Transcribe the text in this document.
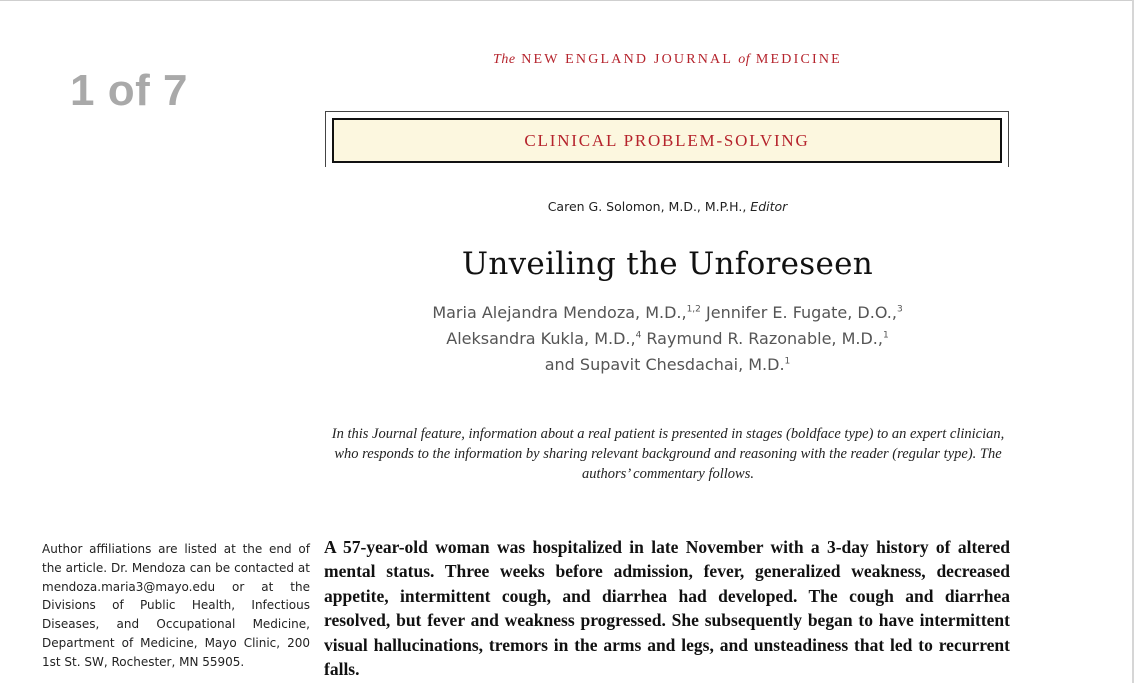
1 of 7
The NEW ENGLAND JOURNAL of MEDICINE
CLINICAL PROBLEM-SOLVING
Caren G. Solomon, M.D., M.P.H., Editor
Unveiling the Unforeseen
Maria Alejandra Mendoza, M.D.,$^{1,2}$ Jennifer E. Fugate, D.O.,$^3$
Aleksandra Kukla, M.D.,$^4$ Raymund R. Razonable, M.D.,$^1$
and Supavit Chesdachai, M.D.$^1$
In this Journal feature, information about a real patient is presented in stages (boldface type) to an expert clinician, who responds to the information by sharing relevant background and reasoning with the reader (regular type). The authors’ commentary follows.
Author affiliations are listed at the end of the article. Dr. Mendoza can be contacted at mendoza.maria3@mayo.edu or at the Divisions of Public Health, Infectious Diseases, and Occupational Medicine, Department of Medicine, Mayo Clinic, 200 1st St. SW, Rochester, MN 55905.
A 57-year-old woman was hospitalized in late November with a 3-day history of altered mental status. Three weeks before admission, fever, generalized weakness, decreased appetite, intermittent cough, and diarrhea had developed. The cough and diarrhea resolved, but fever and weakness progressed. She subsequently began to have intermittent visual hallucinations, tremors in the arms and legs, and unsteadiness that led to recurrent falls.
